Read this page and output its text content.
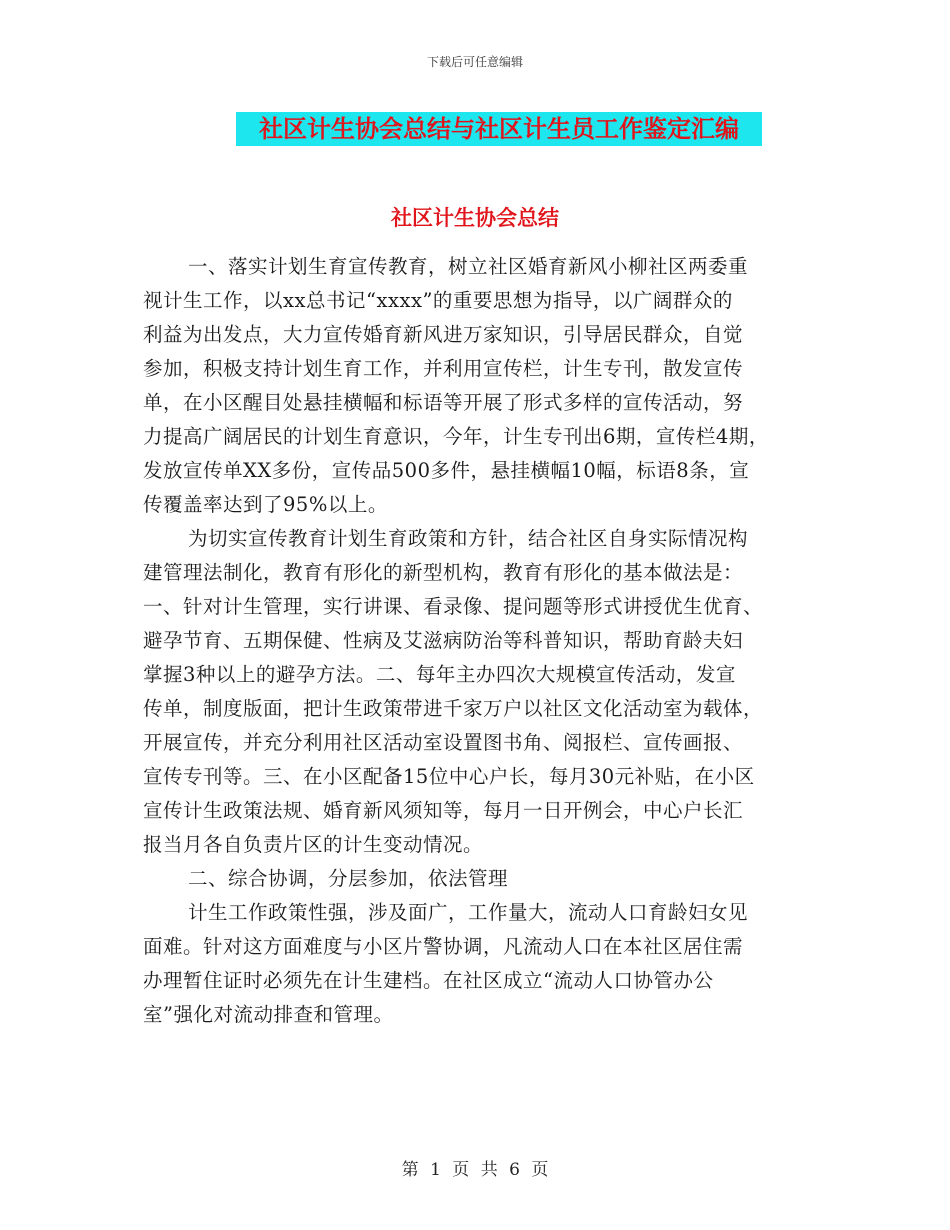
下载后可任意编辑
社区计生协会总结与社区计生员工作鉴定汇编
社区计生协会总结
一、落实计划生育宣传教育，树立社区婚育新风小柳社区两委重
视计生工作，以xx总书记“xxxx”的重要思想为指导，以广阔群众的
利益为出发点，大力宣传婚育新风进万家知识，引导居民群众，自觉
参加，积极支持计划生育工作，并利用宣传栏，计生专刊，散发宣传
单，在小区醒目处悬挂横幅和标语等开展了形式多样的宣传活动，努
力提高广阔居民的计划生育意识，今年，计生专刊出6期，宣传栏4期，
发放宣传单XX多份，宣传品500多件，悬挂横幅10幅，标语8条，宣
传覆盖率达到了95%以上。
为切实宣传教育计划生育政策和方针，结合社区自身实际情况构
建管理法制化，教育有形化的新型机构，教育有形化的基本做法是：
一、针对计生管理，实行讲课、看录像、提问题等形式讲授优生优育、
避孕节育、五期保健、性病及艾滋病防治等科普知识，帮助育龄夫妇
掌握3种以上的避孕方法。二、每年主办四次大规模宣传活动，发宣
传单，制度版面，把计生政策带进千家万户以社区文化活动室为载体，
开展宣传，并充分利用社区活动室设置图书角、阅报栏、宣传画报、
宣传专刊等。三、在小区配备15位中心户长，每月30元补贴，在小区
宣传计生政策法规、婚育新风须知等，每月一日开例会，中心户长汇
报当月各自负责片区的计生变动情况。
二、综合协调，分层参加，依法管理
计生工作政策性强，涉及面广，工作量大，流动人口育龄妇女见
面难。针对这方面难度与小区片警协调，凡流动人口在本社区居住需
办理暂住证时必须先在计生建档。在社区成立“流动人口协管办公
室”强化对流动排查和管理。
第 1 页 共 6 页
